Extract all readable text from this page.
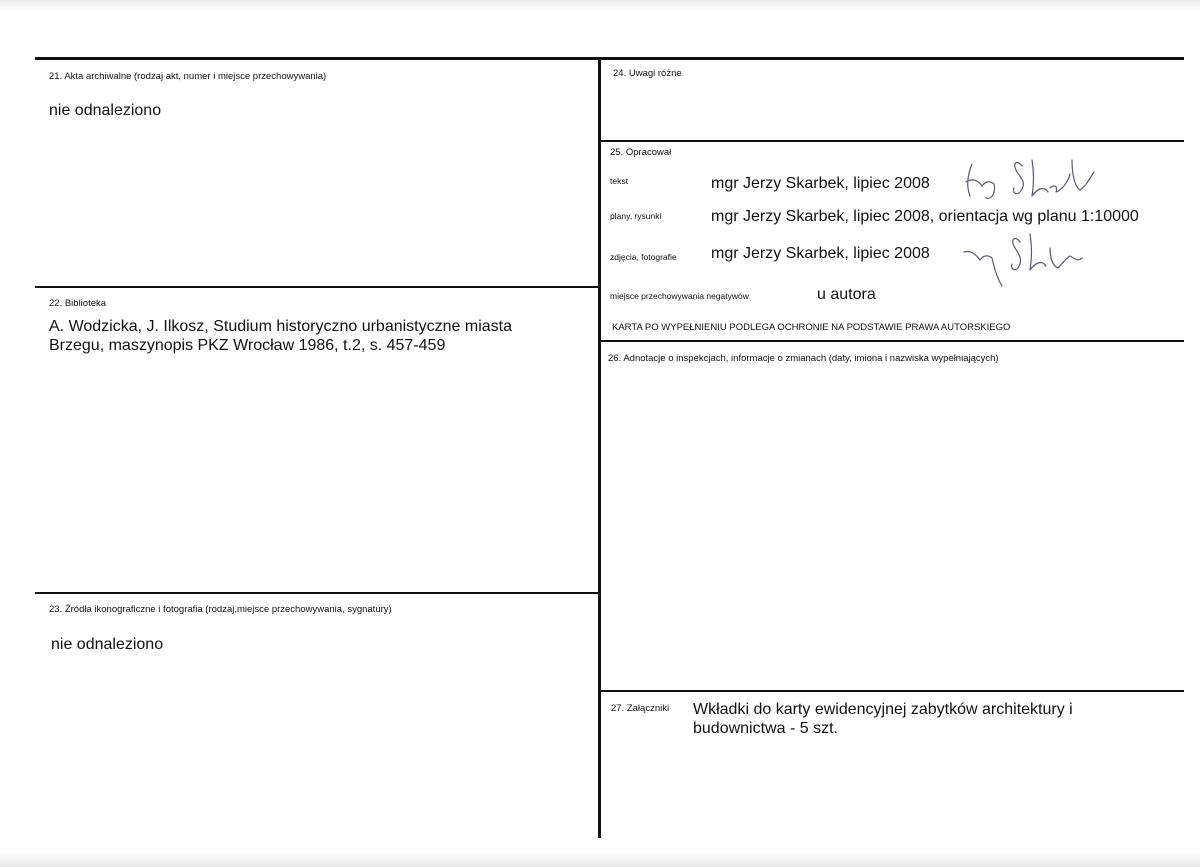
21. Akta archiwalne (rodzaj akt, numer i miejsce przechowywania)
nie odnaleziono
22. Biblioteka
A. Wodzicka, J. Ilkosz, Studium historyczno urbanistyczne miasta Brzegu, maszynopis PKZ Wrocław 1986, t.2, s. 457-459
23. Źródła ikonograficzne i fotografia (rodzaj,miejsce przechowywania, sygnatury)
nie odnaleziono
24. Uwagi różne
25. Opracował
tekst	mgr Jerzy Skarbek, lipiec 2008
plany, rysunki	mgr Jerzy Skarbek, lipiec 2008, orientacja wg planu 1:10000
zdjęcia, fotografie mgr Jerzy Skarbek, lipiec 2008
miejsce przechowywania negatywów	u autora
KARTA PO WYPEŁNIENIU PODLEGA OCHRONIE NA PODSTAWIE PRAWA AUTORSKIEGO
26. Adnotacje o inspekcjach, informacje o zmianach (daty, imiona i nazwiska wypełniających)
27. Załączniki Wkładki do karty ewidencyjnej zabytków architektury i budownictwa - 5 szt.
